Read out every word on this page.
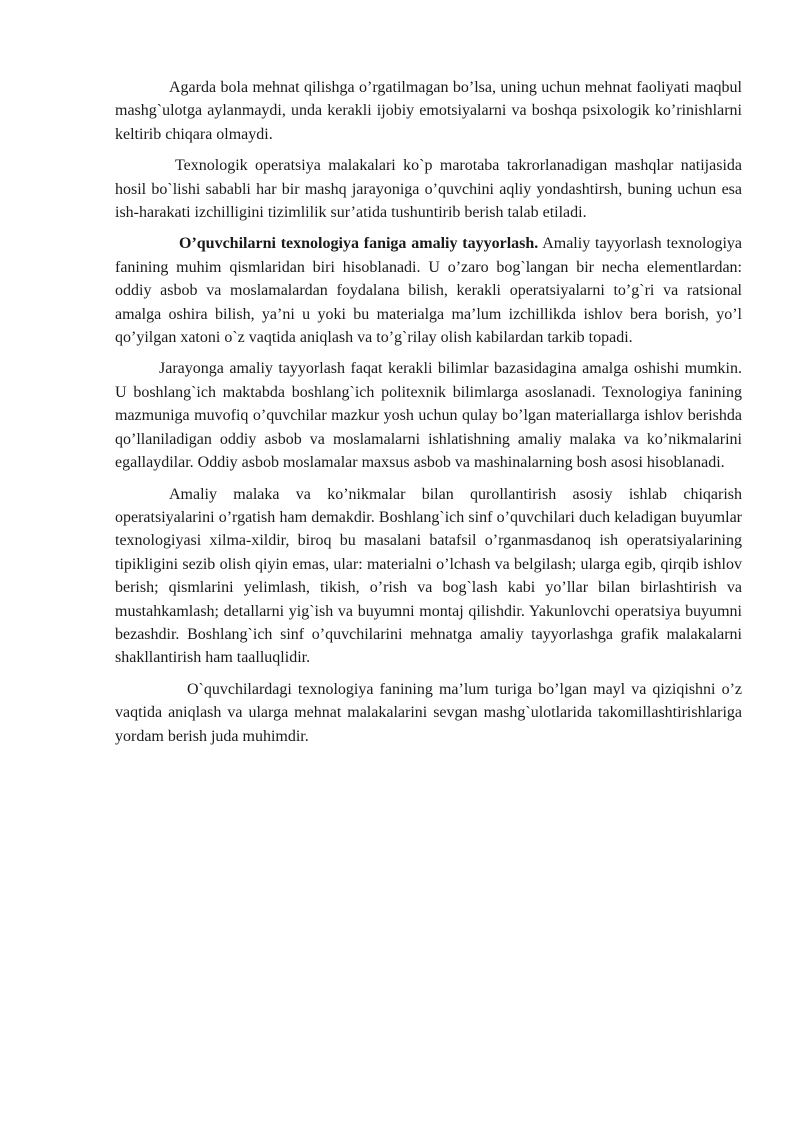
Agarda bola mehnat qilishga o’rgatilmagan bo’lsa, uning uchun mehnat faoliyati maqbul mashg`ulotga aylanmaydi, unda kerakli ijobiy emotsiyalarni va boshqa psixologik ko’rinishlarni keltirib chiqara olmaydi.

Texnologik operatsiya malakalari ko`p marotaba takrorlanadigan mashqlar natijasida hosil bo`lishi sababli har bir mashq jarayoniga o’quvchini aqliy yondashtirsh, buning uchun esa ish-harakati izchilligini tizimlilik sur’atida tushuntirib berish talab etiladi.

O’quvchilarni texnologiya faniga amaliy tayyorlash. Amaliy tayyorlash texnologiya fanining muhim qismlaridan biri hisoblanadi. U o’zaro bog`langan bir necha elementlardan: oddiy asbob va moslamalardan foydalana bilish, kerakli operatsiyalarni to’g`ri va ratsional amalga oshira bilish, ya’ni u yoki bu materialga ma’lum izchillikda ishlov bera borish, yo’l qo’yilgan xatoni o`z vaqtida aniqlash va to’g`rilay olish kabilardan tarkib topadi.

Jarayonga amaliy tayyorlash faqat kerakli bilimlar bazasidagina amalga oshishi mumkin. U boshlang`ich maktabda boshlang`ich politexnik bilimlarga asoslanadi. Texnologiya fanining mazmuniga muvofiq o’quvchilar mazkur yosh uchun qulay bo’lgan materiallarga ishlov berishda qo’llaniladigan oddiy asbob va moslamalarni ishlatishning amaliy malaka va ko’nikmalarini egallaydilar. Oddiy asbob moslamalar maxsus asbob va mashinalarning bosh asosi hisoblanadi.

Amaliy malaka va ko’nikmalar bilan qurollantirish asosiy ishlab chiqarish operatsiyalarini o’rgatish ham demakdir. Boshlang`ich sinf o’quvchilari duch keladigan buyumlar texnologiyasi xilma-xildir, biroq bu masalani batafsil o’rganmasdanoq ish operatsiyalarining tipikligini sezib olish qiyin emas, ular: materialni o’lchash va belgilash; ularga egib, qirqib ishlov berish; qismlarini yelimlash, tikish, o’rish va bog`lash kabi yo’llar bilan birlashtirish va mustahkamlash; detallarni yig`ish va buyumni montaj qilishdir. Yakunlovchi operatsiya buyumni bezashdir. Boshlang`ich sinf o’quvchilarini mehnatga amaliy tayyorlashga grafik malakalarni shakllantirish ham taalluqlidir.

O`quvchilardagi texnologiya fanining ma’lum turiga bo’lgan mayl va qiziqishni o’z vaqtida aniqlash va ularga mehnat malakalarini sevgan mashg`ulotlarida takomillashtirishlariga yordam berish juda muhimdir.
